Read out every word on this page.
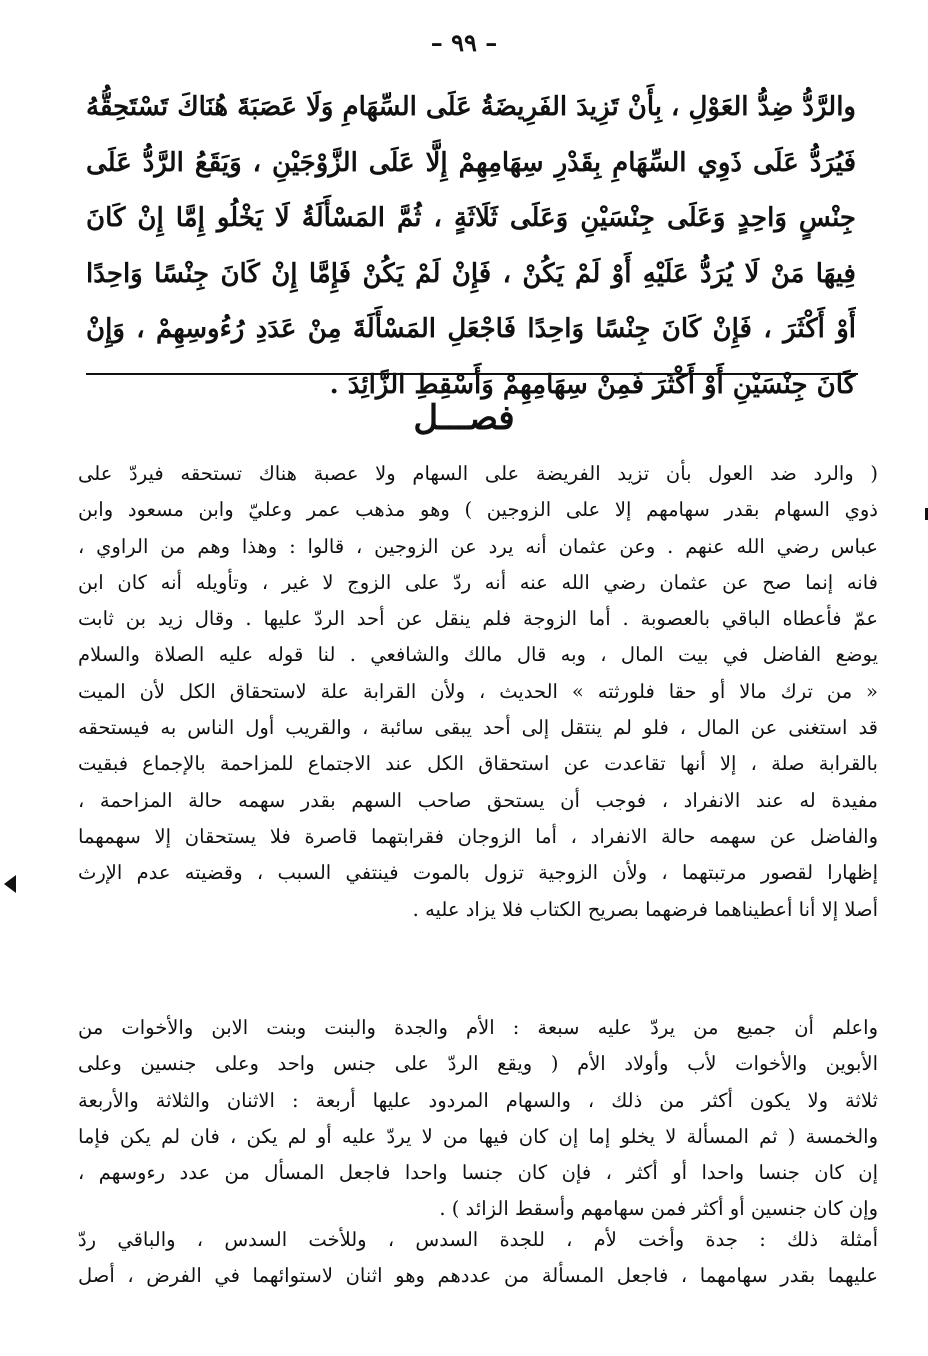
– ٩٩ –
والرَّدُّ ضِدُّ العَوْلِ ، بِأَنْ تَزِيدَ الفَرِيضَةُ عَلَى السِّهَامِ وَلَا عَصَبَةَ هُنَاكَ تَسْتَحِقُّهُ
فَيُرَدُّ عَلَى ذَوِي السِّهَامِ بِقَدْرِ سِهَامِهِمْ إِلَّا عَلَى الزَّوْجَيْنِ ، وَيَقَعُ الرَّدُّ عَلَى
جِنْسٍ وَاحِدٍ وَعَلَى جِنْسَيْنِ وَعَلَى ثَلَاثَةٍ ، ثُمَّ المَسْأَلَةُ لَا يَخْلُو إِمَّا إِنْ كَانَ
فِيهَا مَنْ لَا يُرَدُّ عَلَيْهِ أَوْ لَمْ يَكُنْ ، فَإِنْ لَمْ يَكُنْ فَإِمَّا إِنْ كَانَ جِنْسًا وَاحِدًا
أَوْ أَكْثَرَ ، فَإِنْ كَانَ جِنْسًا وَاحِدًا فَاجْعَلِ المَسْأَلَةَ مِنْ عَدَدِ رُءُوسِهِمْ ، وَإِنْ
كَانَ جِنْسَيْنِ أَوْ أَكْثَرَ فَمِنْ سِهَامِهِمْ وَأَسْقِطِ الزَّائِدَ .
فصـــل
( والرد ضد العول بأن تزيد الفريضة على السهام ولا عصبة هناك تستحقه فيردّ على
ذوي السهام بقدر سهامهم إلا على الزوجين ) وهو مذهب عمر وعليّ وابن مسعود وابن
عباس رضي الله عنهم . وعن عثمان أنه يرد عن الزوجين ، قالوا : وهذا وهم من الراوي ،
فانه إنما صح عن عثمان رضي الله عنه أنه ردّ على الزوج لا غير ، وتأويله أنه كان ابن
عمّ فأعطاه الباقي بالعصوبة . أما الزوجة فلم ينقل عن أحد الردّ عليها . وقال زيد بن ثابت
يوضع الفاضل في بيت المال ، وبه قال مالك والشافعي . لنا قوله عليه الصلاة والسلام
« من ترك مالا أو حقا فلورثته » الحديث ، ولأن القرابة علة لاستحقاق الكل لأن الميت
قد استغنى عن المال ، فلو لم ينتقل إلى أحد يبقى سائبة ، والقريب أول الناس به فيستحقه
بالقرابة صلة ، إلا أنها تقاعدت عن استحقاق الكل عند الاجتماع للمزاحمة بالإجماع فبقيت
مفيدة له عند الانفراد ، فوجب أن يستحق صاحب السهم بقدر سهمه حالة المزاحمة ،
والفاضل عن سهمه حالة الانفراد ، أما الزوجان فقرابتهما قاصرة فلا يستحقان إلا سهمهما
إظهارا لقصور مرتبتهما ، ولأن الزوجية تزول بالموت فينتفي السبب ، وقضيته عدم الإرث
أصلا إلا أنا أعطيناهما فرضهما بصريح الكتاب فلا يزاد عليه .
واعلم أن جميع من يردّ عليه سبعة : الأم والجدة والبنت وبنت الابن والأخوات من
الأبوين والأخوات لأب وأولاد الأم ( ويقع الردّ على جنس واحد وعلى جنسين وعلى
ثلاثة ولا يكون أكثر من ذلك ، والسهام المردود عليها أربعة : الاثنان والثلاثة والأربعة
والخمسة ( ثم المسألة لا يخلو إما إن كان فيها من لا يردّ عليه أو لم يكن ، فان لم يكن فإما
إن كان جنسا واحدا أو أكثر ، فإن كان جنسا واحدا فاجعل المسأل من عدد رءوسهم ،
وإن كان جنسين أو أكثر فمن سهامهم وأسقط الزائد ) .
أمثلة ذلك : جدة وأخت لأم ، للجدة السدس ، وللأخت السدس ، والباقي ردّ
عليهما بقدر سهامهما ، فاجعل المسألة من عددهم وهو اثنان لاستوائهما في الفرض ، أصل
